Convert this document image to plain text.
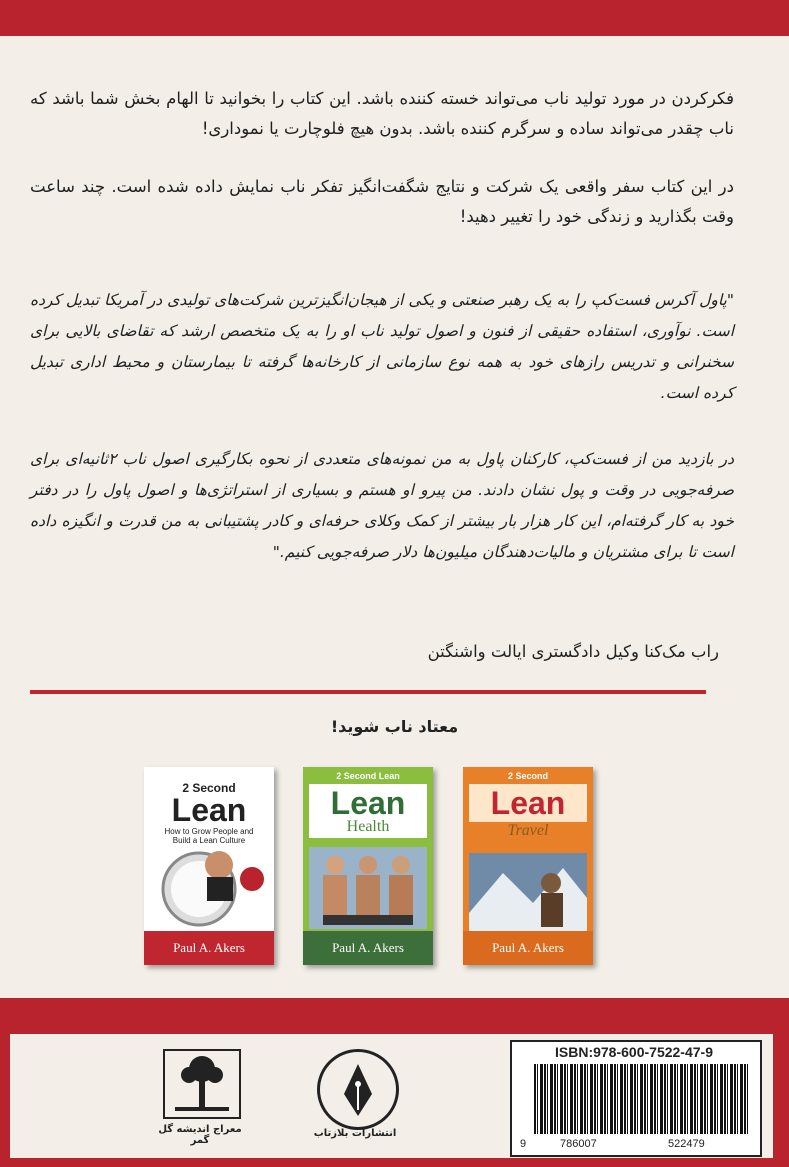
فکرکردن در مورد تولید ناب می‌تواند خسته کننده باشد. این کتاب را بخوانید تا الهام بخش شما باشد که ناب چقدر می‌تواند ساده و سرگرم کننده باشد. بدون هیچ فلوچارت یا نموداری!

در این کتاب سفر واقعی یک شرکت و نتایج شگفت‌انگیز تفکر ناب نمایش داده شده است. چند ساعت وقت بگذارید و زندگی خود را تغییر دهید!

"پاول آکرس فست‌کپ را به یک رهبر صنعتی و یکی از هیجان‌انگیزترین شرکت‌های تولیدی در آمریکا تبدیل کرده است. نوآوری، استفاده حقیقی از فنون و اصول تولید ناب او را به یک متخصص ارشد که تقاضای بالایی برای سخنرانی و تدریس رازهای خود به همه نوع سازمانی از کارخانه‌ها گرفته تا بیمارستان و محیط اداری تبدیل کرده است.

در بازدید من از فست‌کپ، کارکنان پاول به من نمونه‌های متعددی از نحوه بکارگیری اصول ناب ۲ثانیه‌ای برای صرفه‌جویی در وقت و پول نشان دادند. من پیرو او هستم و بسیاری از استراتژی‌ها و اصول پاول را در دفتر خود به کار گرفته‌ام، این کار هزار بار بیشتر از کمک وکلای حرفه‌ای و کادر پشتیبانی به من قدرت و انگیزه داده است تا برای مشتریان و مالیات‌دهندگان میلیون‌ها دلار صرفه‌جویی کنیم."

راب مک‌کنا وکیل دادگستری ایالت واشنگتن

معتاد ناب شوید!
2 Second
Lean
How to Grow People and Build a Lean Culture
Paul A. Akers
2 Second Lean
Lean
Health
Paul A. Akers
2 Second
Lean
Travel
Paul A. Akers
معراج اندیشه گل گمر
انتشارات بلازتاب
ISBN:978-600-7522-47-9
9	786007	522479
